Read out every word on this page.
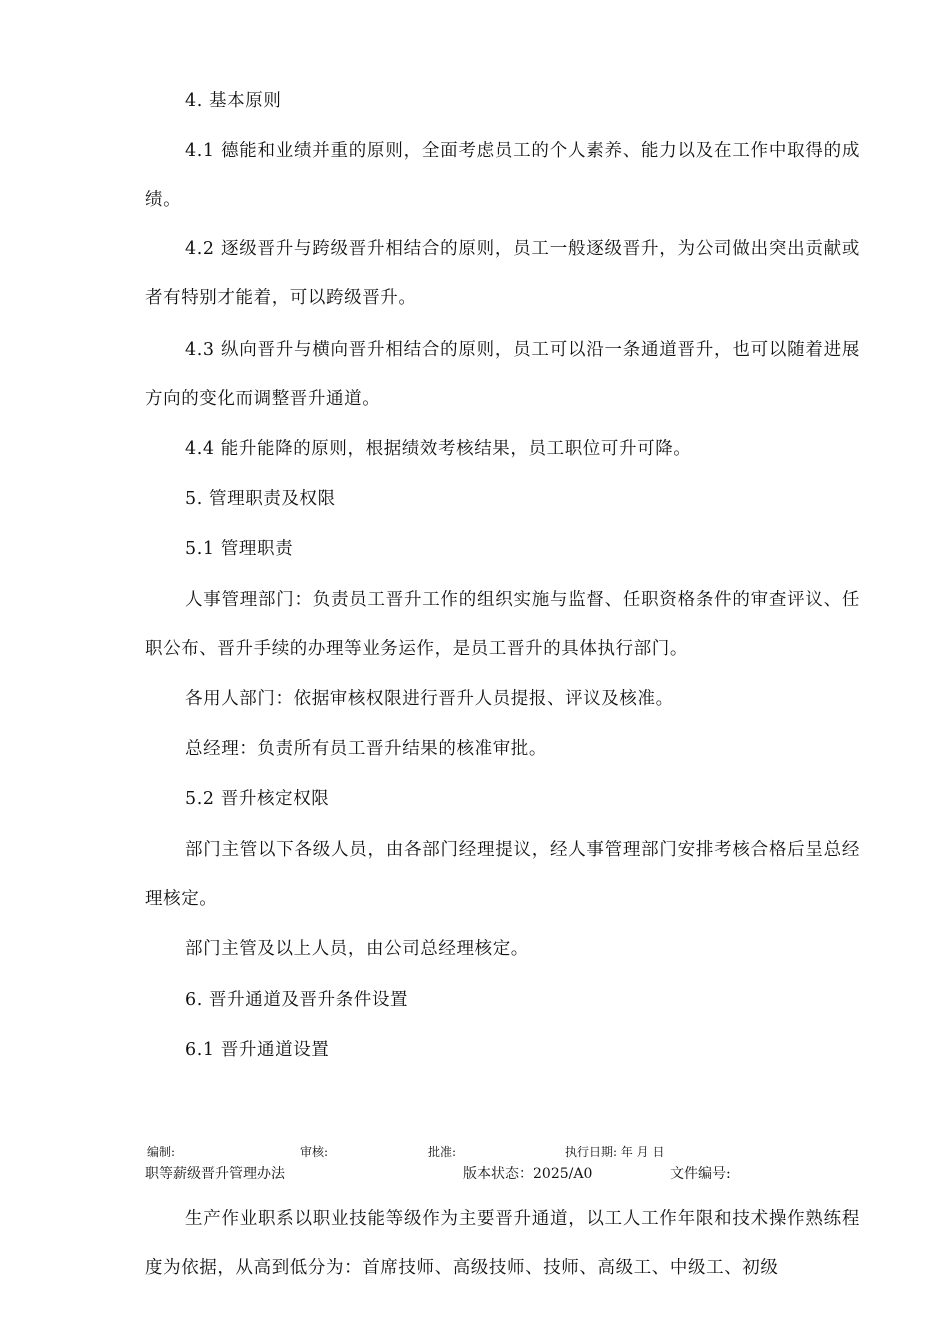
4. 基本原则

4.1 德能和业绩并重的原则，全面考虑员工的个人素养、能力以及在工作中取得的成绩。

4.2 逐级晋升与跨级晋升相结合的原则，员工一般逐级晋升，为公司做出突出贡献或者有特别才能着，可以跨级晋升。

4.3 纵向晋升与横向晋升相结合的原则，员工可以沿一条通道晋升，也可以随着进展方向的变化而调整晋升通道。

4.4 能升能降的原则，根据绩效考核结果，员工职位可升可降。

5. 管理职责及权限

5.1 管理职责

人事管理部门：负责员工晋升工作的组织实施与监督、任职资格条件的审查评议、任职公布、晋升手续的办理等业务运作，是员工晋升的具体执行部门。

各用人部门：依据审核权限进行晋升人员提报、评议及核准。

总经理：负责所有员工晋升结果的核准审批。

5.2 晋升核定权限

部门主管以下各级人员，由各部门经理提议，经人事管理部门安排考核合格后呈总经理核定。

部门主管及以上人员，由公司总经理核定。

6. 晋升通道及晋升条件设置

6.1 晋升通道设置

编制:	审核:	批准:	执行日期: 年 月 日
职等薪级晋升管理办法	版本状态：2025/A0	文件编号:

生产作业职系以职业技能等级作为主要晋升通道，以工人工作年限和技术操作熟练程度为依据，从高到低分为：首席技师、高级技师、技师、高级工、中级工、初级
